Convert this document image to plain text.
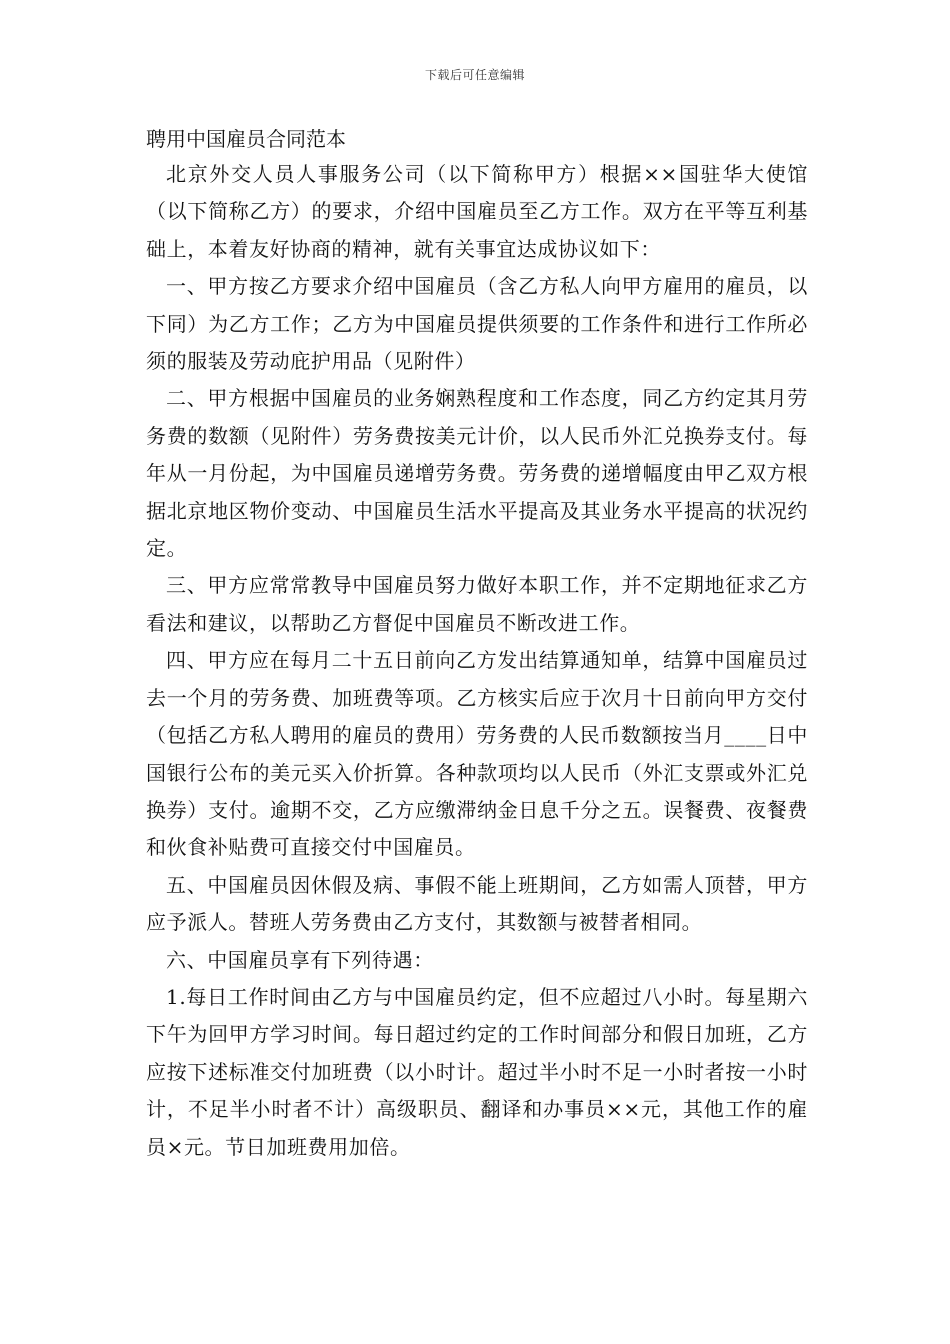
下载后可任意编辑
聘用中国雇员合同范本

北京外交人员人事服务公司（以下简称甲方）根据××国驻华大使馆（以下简称乙方）的要求，介绍中国雇员至乙方工作。双方在平等互利基础上，本着友好协商的精神，就有关事宜达成协议如下：

一、甲方按乙方要求介绍中国雇员（含乙方私人向甲方雇用的雇员，以下同）为乙方工作；乙方为中国雇员提供须要的工作条件和进行工作所必须的服装及劳动庇护用品（见附件）

二、甲方根据中国雇员的业务娴熟程度和工作态度，同乙方约定其月劳务费的数额（见附件）劳务费按美元计价，以人民币外汇兑换券支付。每年从一月份起，为中国雇员递增劳务费。劳务费的递增幅度由甲乙双方根据北京地区物价变动、中国雇员生活水平提高及其业务水平提高的状况约定。

三、甲方应常常教导中国雇员努力做好本职工作，并不定期地征求乙方看法和建议，以帮助乙方督促中国雇员不断改进工作。

四、甲方应在每月二十五日前向乙方发出结算通知单，结算中国雇员过去一个月的劳务费、加班费等项。乙方核实后应于次月十日前向甲方交付（包括乙方私人聘用的雇员的费用）劳务费的人民币数额按当月____日中国银行公布的美元买入价折算。各种款项均以人民币（外汇支票或外汇兑换券）支付。逾期不交，乙方应缴滞纳金日息千分之五。误餐费、夜餐费和伙食补贴费可直接交付中国雇员。

五、中国雇员因休假及病、事假不能上班期间，乙方如需人顶替，甲方应予派人。替班人劳务费由乙方支付，其数额与被替者相同。

六、中国雇员享有下列待遇：

1.每日工作时间由乙方与中国雇员约定，但不应超过八小时。每星期六下午为回甲方学习时间。每日超过约定的工作时间部分和假日加班，乙方应按下述标准交付加班费（以小时计。超过半小时不足一小时者按一小时计，不足半小时者不计）高级职员、翻译和办事员××元，其他工作的雇员×元。节日加班费用加倍。
